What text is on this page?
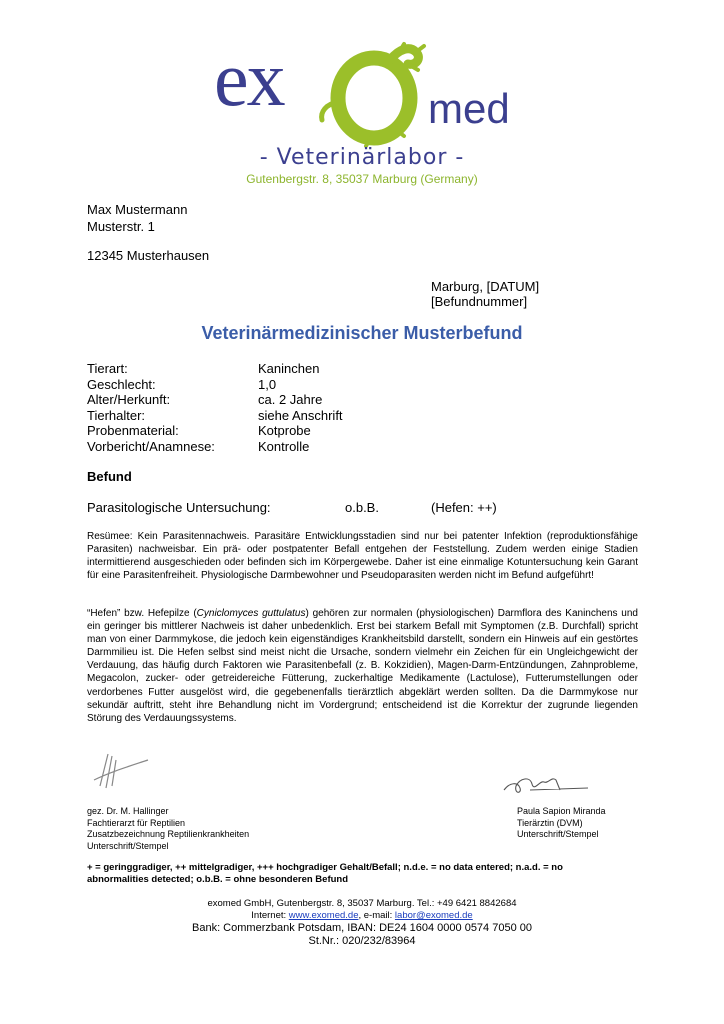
ex	med
- Veterinärlabor -
Gutenbergstr. 8, 35037 Marburg (Germany)
Max Mustermann
Musterstr. 1
12345 Musterhausen
Marburg, [DATUM]
[Befundnummer]
Veterinärmedizinischer Musterbefund
Tierart:	Kaninchen
Geschlecht:	1,0
Alter/Herkunft:	ca. 2 Jahre
Tierhalter:	siehe Anschrift
Probenmaterial:	Kotprobe
Vorbericht/Anamnese:	Kontrolle
Befund
Parasitologische Untersuchung:	o.b.B.	(Hefen: ++)
Resümee: Kein Parasitennachweis. Parasitäre Entwicklungsstadien sind nur bei patenter Infektion (reproduktionsfähige Parasiten) nachweisbar. Ein prä- oder postpatenter Befall entgehen der Feststellung. Zudem werden einige Stadien intermittierend ausgeschieden oder befinden sich im Körpergewebe. Daher ist eine einmalige Kotuntersuchung kein Garant für eine Parasitenfreiheit. Physiologische Darmbewohner und Pseudoparasiten werden nicht im Befund aufgeführt!
“Hefen” bzw. Hefepilze (Cyniclomyces guttulatus) gehören zur normalen (physiologischen) Darmflora des Kaninchens und ein geringer bis mittlerer Nachweis ist daher unbedenklich. Erst bei starkem Befall mit Symptomen (z.B. Durchfall) spricht man von einer Darmmykose, die jedoch kein eigenständiges Krankheitsbild darstellt, sondern ein Hinweis auf ein gestörtes Darmmilieu ist. Die Hefen selbst sind meist nicht die Ursache, sondern vielmehr ein Zeichen für ein Ungleichgewicht der Verdauung, das häufig durch Faktoren wie Parasitenbefall (z. B. Kokzidien), Magen-Darm-Entzündungen, Zahnprobleme, Megacolon, zucker- oder getreidereiche Fütterung, zuckerhaltige Medikamente (Lactulose), Futterumstellungen oder verdorbenes Futter ausgelöst wird, die gegebenenfalls tierärztlich abgeklärt werden sollten. Da die Darmmykose nur sekundär auftritt, steht ihre Behandlung nicht im Vordergrund; entscheidend ist die Korrektur der zugrunde liegenden Störung des Verdauungssystems.
gez. Dr. M. Hallinger
Fachtierarzt für Reptilien
Zusatzbezeichnung Reptilienkrankheiten
Unterschrift/Stempel
Paula Sapion Miranda
Tierärztin (DVM)
Unterschrift/Stempel
+ = geringgradiger, ++ mittelgradiger, +++ hochgradiger Gehalt/Befall; n.d.e. = no data entered; n.a.d. = no abnormalities detected; o.b.B. = ohne besonderen Befund
exomed GmbH, Gutenbergstr. 8, 35037 Marburg. Tel.: +49 6421 8842684
Internet: www.exomed.de, e-mail: labor@exomed.de
Bank: Commerzbank Potsdam, IBAN: DE24 1604 0000 0574 7050 00
St.Nr.: 020/232/83964
